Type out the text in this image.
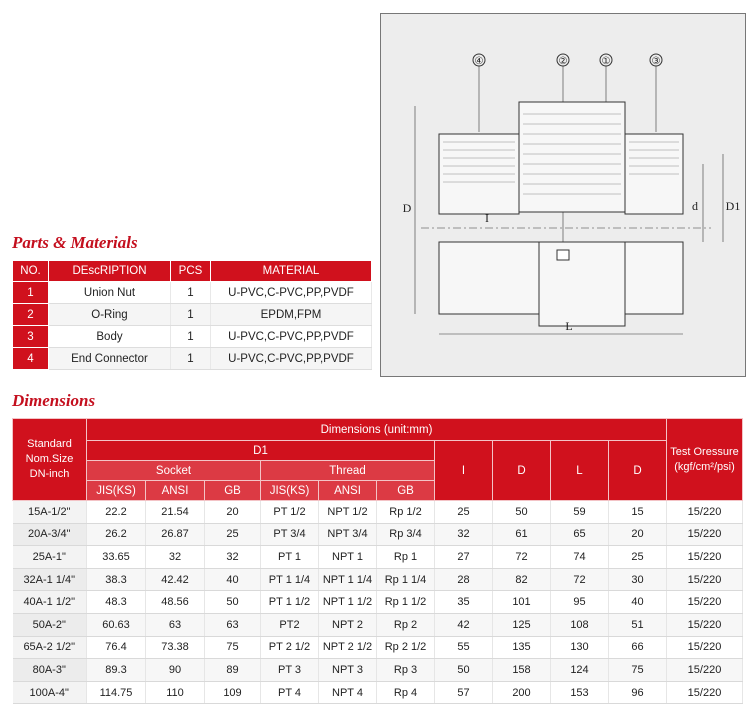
④	②	①	③
D
I
d D1
L
Parts & Materials
NO.	DEscRIPTION	PCS	MATERIAL
1	Union Nut	1	U-PVC,C-PVC,PP,PVDF
2	O-Ring	1	EPDM,FPM
3	Body	1	U-PVC,C-PVC,PP,PVDF
4	End Connector	1	U-PVC,C-PVC,PP,PVDF
Dimensions
Standard Nom.Size DN-inch	Dimensions (unit:mm)										Test Oressure (kgf/cm²/psi)
	D1						I	D	L	D	
	Socket			Thread							
	JIS(KS)	ANSI	GB	JIS(KS)	ANSI	GB					
15A-1/2"	22.2	21.54	20	PT 1/2	NPT 1/2	Rp 1/2	25	50	59	15	15/220
20A-3/4"	26.2	26.87	25	PT 3/4	NPT 3/4	Rp 3/4	32	61	65	20	15/220
25A-1"	33.65	32	32	PT 1	NPT 1	Rp 1	27	72	74	25	15/220
32A-1 1/4"	38.3	42.42	40	PT 1 1/4	NPT 1 1/4	Rp 1 1/4	28	82	72	30	15/220
40A-1 1/2"	48.3	48.56	50	PT 1 1/2	NPT 1 1/2	Rp 1 1/2	35	101	95	40	15/220
50A-2"	60.63	63	63	PT2	NPT 2	Rp 2	42	125	108	51	15/220
65A-2 1/2"	76.4	73.38	75	PT 2 1/2	NPT 2 1/2	Rp 2 1/2	55	135	130	66	15/220
80A-3"	89.3	90	89	PT 3	NPT 3	Rp 3	50	158	124	75	15/220
100A-4"	114.75	110	109	PT 4	NPT 4	Rp 4	57	200	153	96	15/220
